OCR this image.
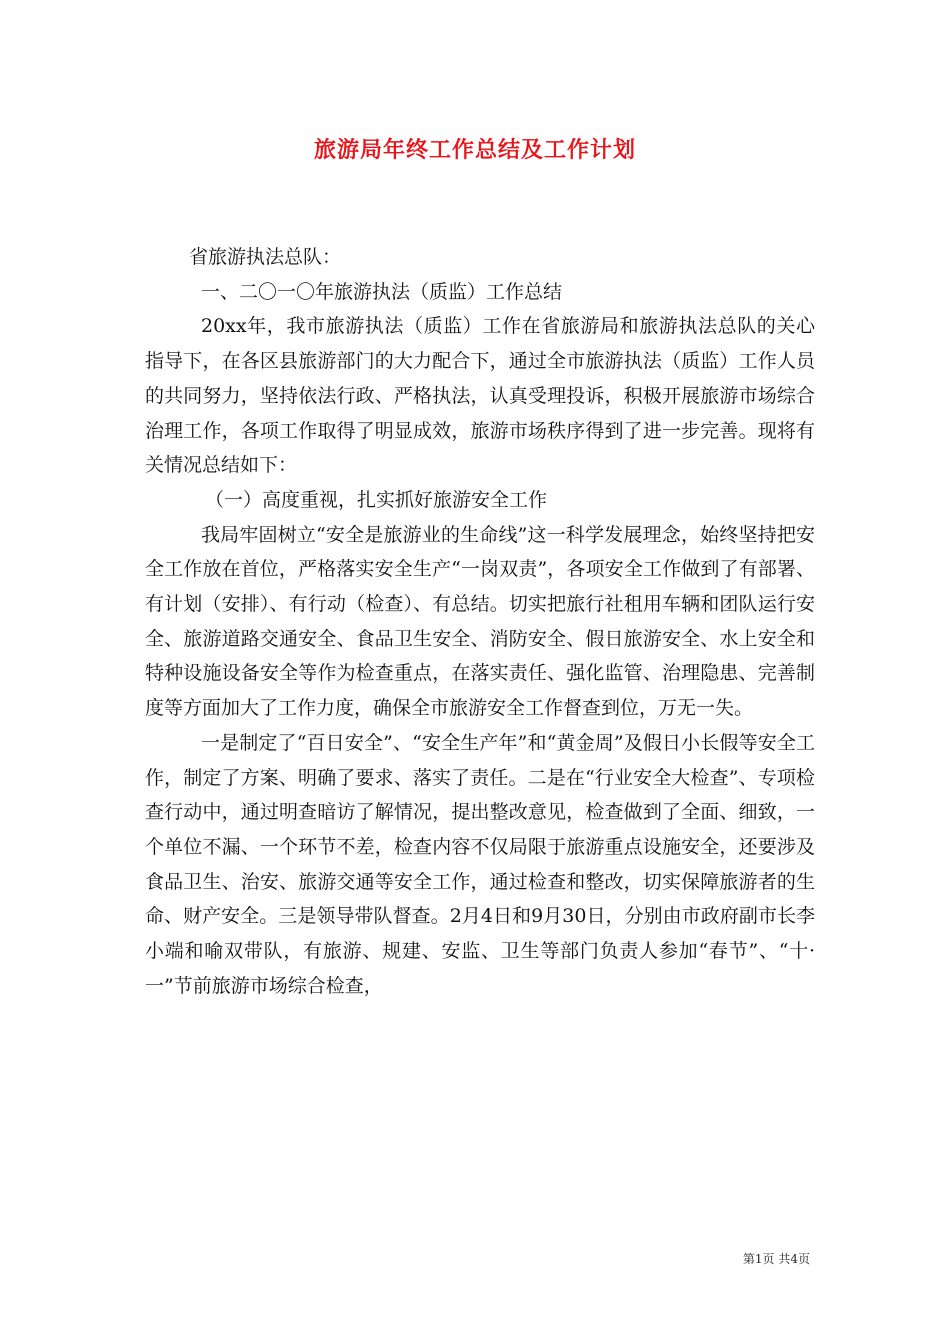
旅游局年终工作总结及工作计划

省旅游执法总队：

一、二〇一〇年旅游执法（质监）工作总结

20xx年，我市旅游执法（质监）工作在省旅游局和旅游执法总队的关心指导下，在各区县旅游部门的大力配合下，通过全市旅游执法（质监）工作人员的共同努力，坚持依法行政、严格执法，认真受理投诉，积极开展旅游市场综合治理工作，各项工作取得了明显成效，旅游市场秩序得到了进一步完善。现将有关情况总结如下：

（一）高度重视，扎实抓好旅游安全工作

我局牢固树立“安全是旅游业的生命线”这一科学发展理念，始终坚持把安全工作放在首位，严格落实安全生产“一岗双责”，各项安全工作做到了有部署、有计划（安排）、有行动（检查）、有总结。切实把旅行社租用车辆和团队运行安全、旅游道路交通安全、食品卫生安全、消防安全、假日旅游安全、水上安全和特种设施设备安全等作为检查重点，在落实责任、强化监管、治理隐患、完善制度等方面加大了工作力度，确保全市旅游安全工作督查到位，万无一失。

一是制定了“百日安全”、“安全生产年”和“黄金周”及假日小长假等安全工作，制定了方案、明确了要求、落实了责任。二是在“行业安全大检查”、专项检查行动中，通过明查暗访了解情况，提出整改意见，检查做到了全面、细致，一个单位不漏、一个环节不差，检查内容不仅局限于旅游重点设施安全，还要涉及食品卫生、治安、旅游交通等安全工作，通过检查和整改，切实保障旅游者的生命、财产安全。三是领导带队督查。2月4日和9月30日，分别由市政府副市长李小端和喻双带队，有旅游、规建、安监、卫生等部门负责人参加“春节”、“十·一”节前旅游市场综合检查，

第1页 共4页
